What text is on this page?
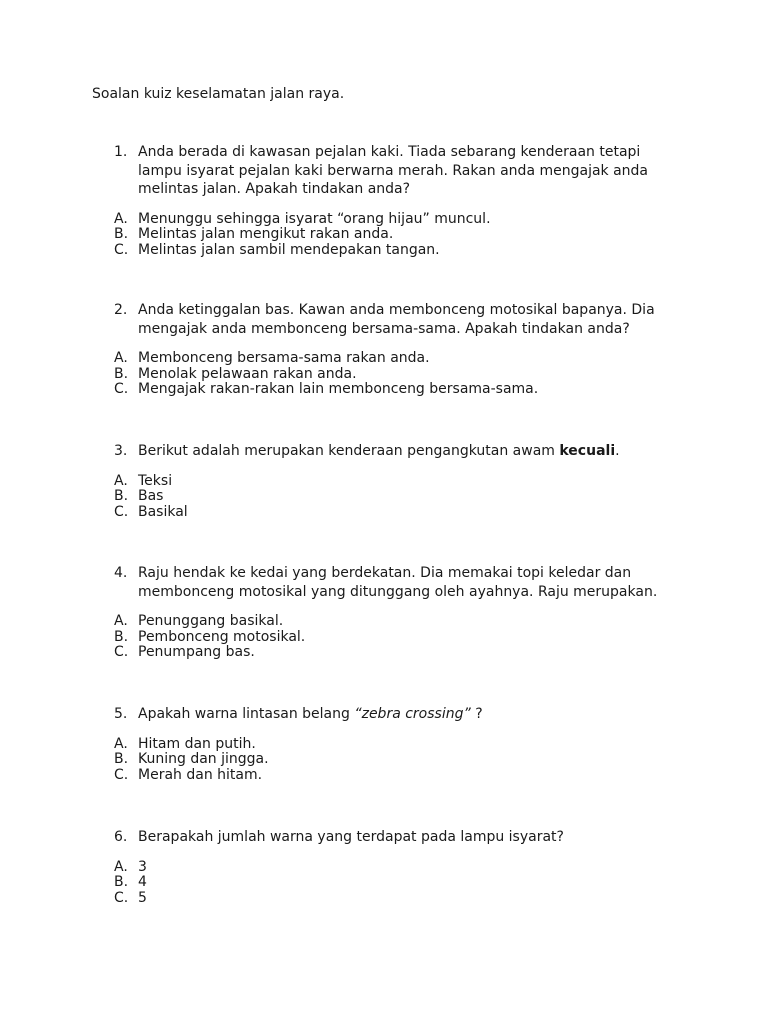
Soalan kuiz keselamatan jalan raya.
1. Anda berada di kawasan pejalan kaki. Tiada sebarang kenderaan tetapi lampu isyarat pejalan kaki berwarna merah. Rakan anda mengajak anda melintas jalan. Apakah tindakan anda?
A. Menunggu sehingga isyarat “orang hijau” muncul.
B. Melintas jalan mengikut rakan anda.
C. Melintas jalan sambil mendepakan tangan.
2. Anda ketinggalan bas. Kawan anda membonceng motosikal bapanya. Dia mengajak anda membonceng bersama-sama. Apakah tindakan anda?
A. Membonceng bersama-sama rakan anda.
B. Menolak pelawaan rakan anda.
C. Mengajak rakan-rakan lain membonceng bersama-sama.
3. Berikut adalah merupakan kenderaan pengangkutan awam kecuali.
A. Teksi
B. Bas
C. Basikal
4. Raju hendak ke kedai yang berdekatan. Dia memakai topi keledar dan membonceng motosikal yang ditunggang oleh ayahnya. Raju merupakan.
A. Penunggang basikal.
B. Pembonceng motosikal.
C. Penumpang bas.
5. Apakah warna lintasan belang “zebra crossing” ?
A. Hitam dan putih.
B. Kuning dan jingga.
C. Merah dan hitam.
6. Berapakah jumlah warna yang terdapat pada lampu isyarat?
A. 3
B. 4
C. 5
